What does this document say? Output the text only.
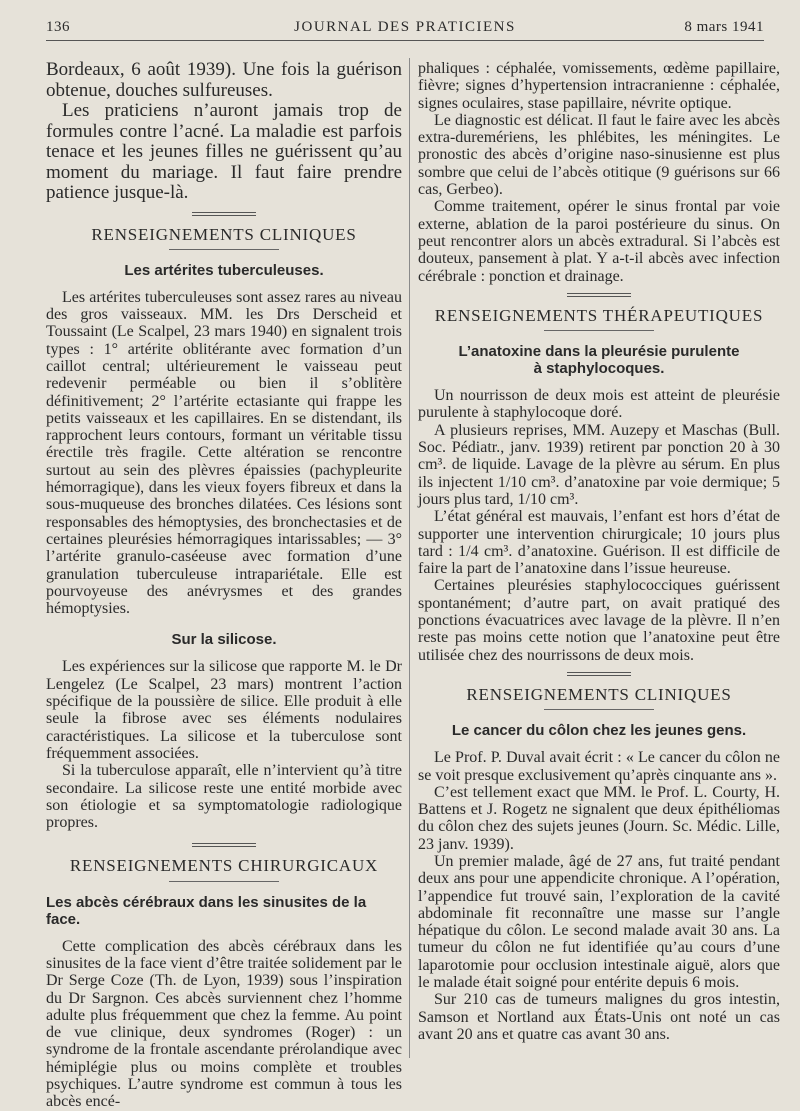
136	JOURNAL DES PRATICIENS	8 mars 1941

Bordeaux, 6 août 1939). Une fois la guérison obtenue, douches sulfureuses.

Les praticiens n’auront jamais trop de formules contre l’acné. La maladie est parfois tenace et les jeunes filles ne guérissent qu’au moment du mariage. Il faut faire prendre patience jusque-là.

RENSEIGNEMENTS CLINIQUES
Les artérites tuberculeuses.

Les artérites tuberculeuses sont assez rares au niveau des gros vaisseaux. MM. les Drs Derscheid et Toussaint (Le Scalpel, 23 mars 1940) en signalent trois types : 1° artérite oblitérante avec formation d’un caillot central; ultérieurement le vaisseau peut redevenir perméable ou bien il s’oblitère définitivement; 2° l’artérite ectasiante qui frappe les petits vaisseaux et les capillaires. En se distendant, ils rapprochent leurs contours, formant un véritable tissu érectile très fragile. Cette altération se rencontre surtout au sein des plèvres épaissies (pachypleurite hémorragique), dans les vieux foyers fibreux et dans la sous-muqueuse des bronches dilatées. Ces lésions sont responsables des hémoptysies, des bronchectasies et de certaines pleurésies hémorragiques intarissables; — 3° l’artérite granulo-caséeuse avec formation d’une granulation tuberculeuse intrapariétale. Elle est pourvoyeuse des anévrysmes et des grandes hémoptysies.

Sur la silicose.

Les expériences sur la silicose que rapporte M. le Dr Lengelez (Le Scalpel, 23 mars) montrent l’action spécifique de la poussière de silice. Elle produit à elle seule la fibrose avec ses éléments nodulaires caractéristiques. La silicose et la tuberculose sont fréquemment associées.

Si la tuberculose apparaît, elle n’intervient qu’à titre secondaire. La silicose reste une entité morbide avec son étiologie et sa symptomatologie radiologique propres.

RENSEIGNEMENTS CHIRURGICAUX
Les abcès cérébraux dans les sinusites de la face.

Cette complication des abcès cérébraux dans les sinusites de la face vient d’être traitée solidement par le Dr Serge Coze (Th. de Lyon, 1939) sous l’inspiration du Dr Sargnon. Ces abcès surviennent chez l’homme adulte plus fréquemment que chez la femme. Au point de vue clinique, deux syndromes (Roger) : un syndrome de la frontale ascendante prérolandique avec hémiplégie plus ou moins complète et troubles psychiques. L’autre syndrome est commun à tous les abcès encé-

phaliques : céphalée, vomissements, œdème papillaire, fièvre; signes d’hypertension intracranienne : céphalée, signes oculaires, stase papillaire, névrite optique.

Le diagnostic est délicat. Il faut le faire avec les abcès extra-duremériens, les phlébites, les méningites. Le pronostic des abcès d’origine naso-sinusienne est plus sombre que celui de l’abcès otitique (9 guérisons sur 66 cas, Gerbeo).

Comme traitement, opérer le sinus frontal par voie externe, ablation de la paroi postérieure du sinus. On peut rencontrer alors un abcès extradural. Si l’abcès est douteux, pansement à plat. Y a-t-il abcès avec infection cérébrale : ponction et drainage.

RENSEIGNEMENTS THÉRAPEUTIQUES
L’anatoxine dans la pleurésie purulente
à staphylocoques.

Un nourrisson de deux mois est atteint de pleurésie purulente à staphylocoque doré.

A plusieurs reprises, MM. Auzepy et Maschas (Bull. Soc. Pédiatr., janv. 1939) retirent par ponction 20 à 30 cm³. de liquide. Lavage de la plèvre au sérum. En plus ils injectent 1/10 cm³. d’anatoxine par voie dermique; 5 jours plus tard, 1/10 cm³.

L’état général est mauvais, l’enfant est hors d’état de supporter une intervention chirurgicale; 10 jours plus tard : 1/4 cm³. d’anatoxine. Guérison. Il est difficile de faire la part de l’anatoxine dans l’issue heureuse.

Certaines pleurésies staphylococciques guérissent spontanément; d’autre part, on avait pratiqué des ponctions évacuatrices avec lavage de la plèvre. Il n’en reste pas moins cette notion que l’anatoxine peut être utilisée chez des nourrissons de deux mois.

RENSEIGNEMENTS CLINIQUES
Le cancer du côlon chez les jeunes gens.

Le Prof. P. Duval avait écrit : « Le cancer du côlon ne se voit presque exclusivement qu’après cinquante ans ».

C’est tellement exact que MM. le Prof. L. Courty, H. Battens et J. Rogetz ne signalent que deux épithéliomas du côlon chez des sujets jeunes (Journ. Sc. Médic. Lille, 23 janv. 1939).

Un premier malade, âgé de 27 ans, fut traité pendant deux ans pour une appendicite chronique. A l’opération, l’appendice fut trouvé sain, l’exploration de la cavité abdominale fit reconnaître une masse sur l’angle hépatique du côlon. Le second malade avait 30 ans. La tumeur du côlon ne fut identifiée qu’au cours d’une laparotomie pour occlusion intestinale aiguë, alors que le malade était soigné pour entérite depuis 6 mois.

Sur 210 cas de tumeurs malignes du gros intestin, Samson et Nortland aux États-Unis ont noté un cas avant 20 ans et quatre cas avant 30 ans.
